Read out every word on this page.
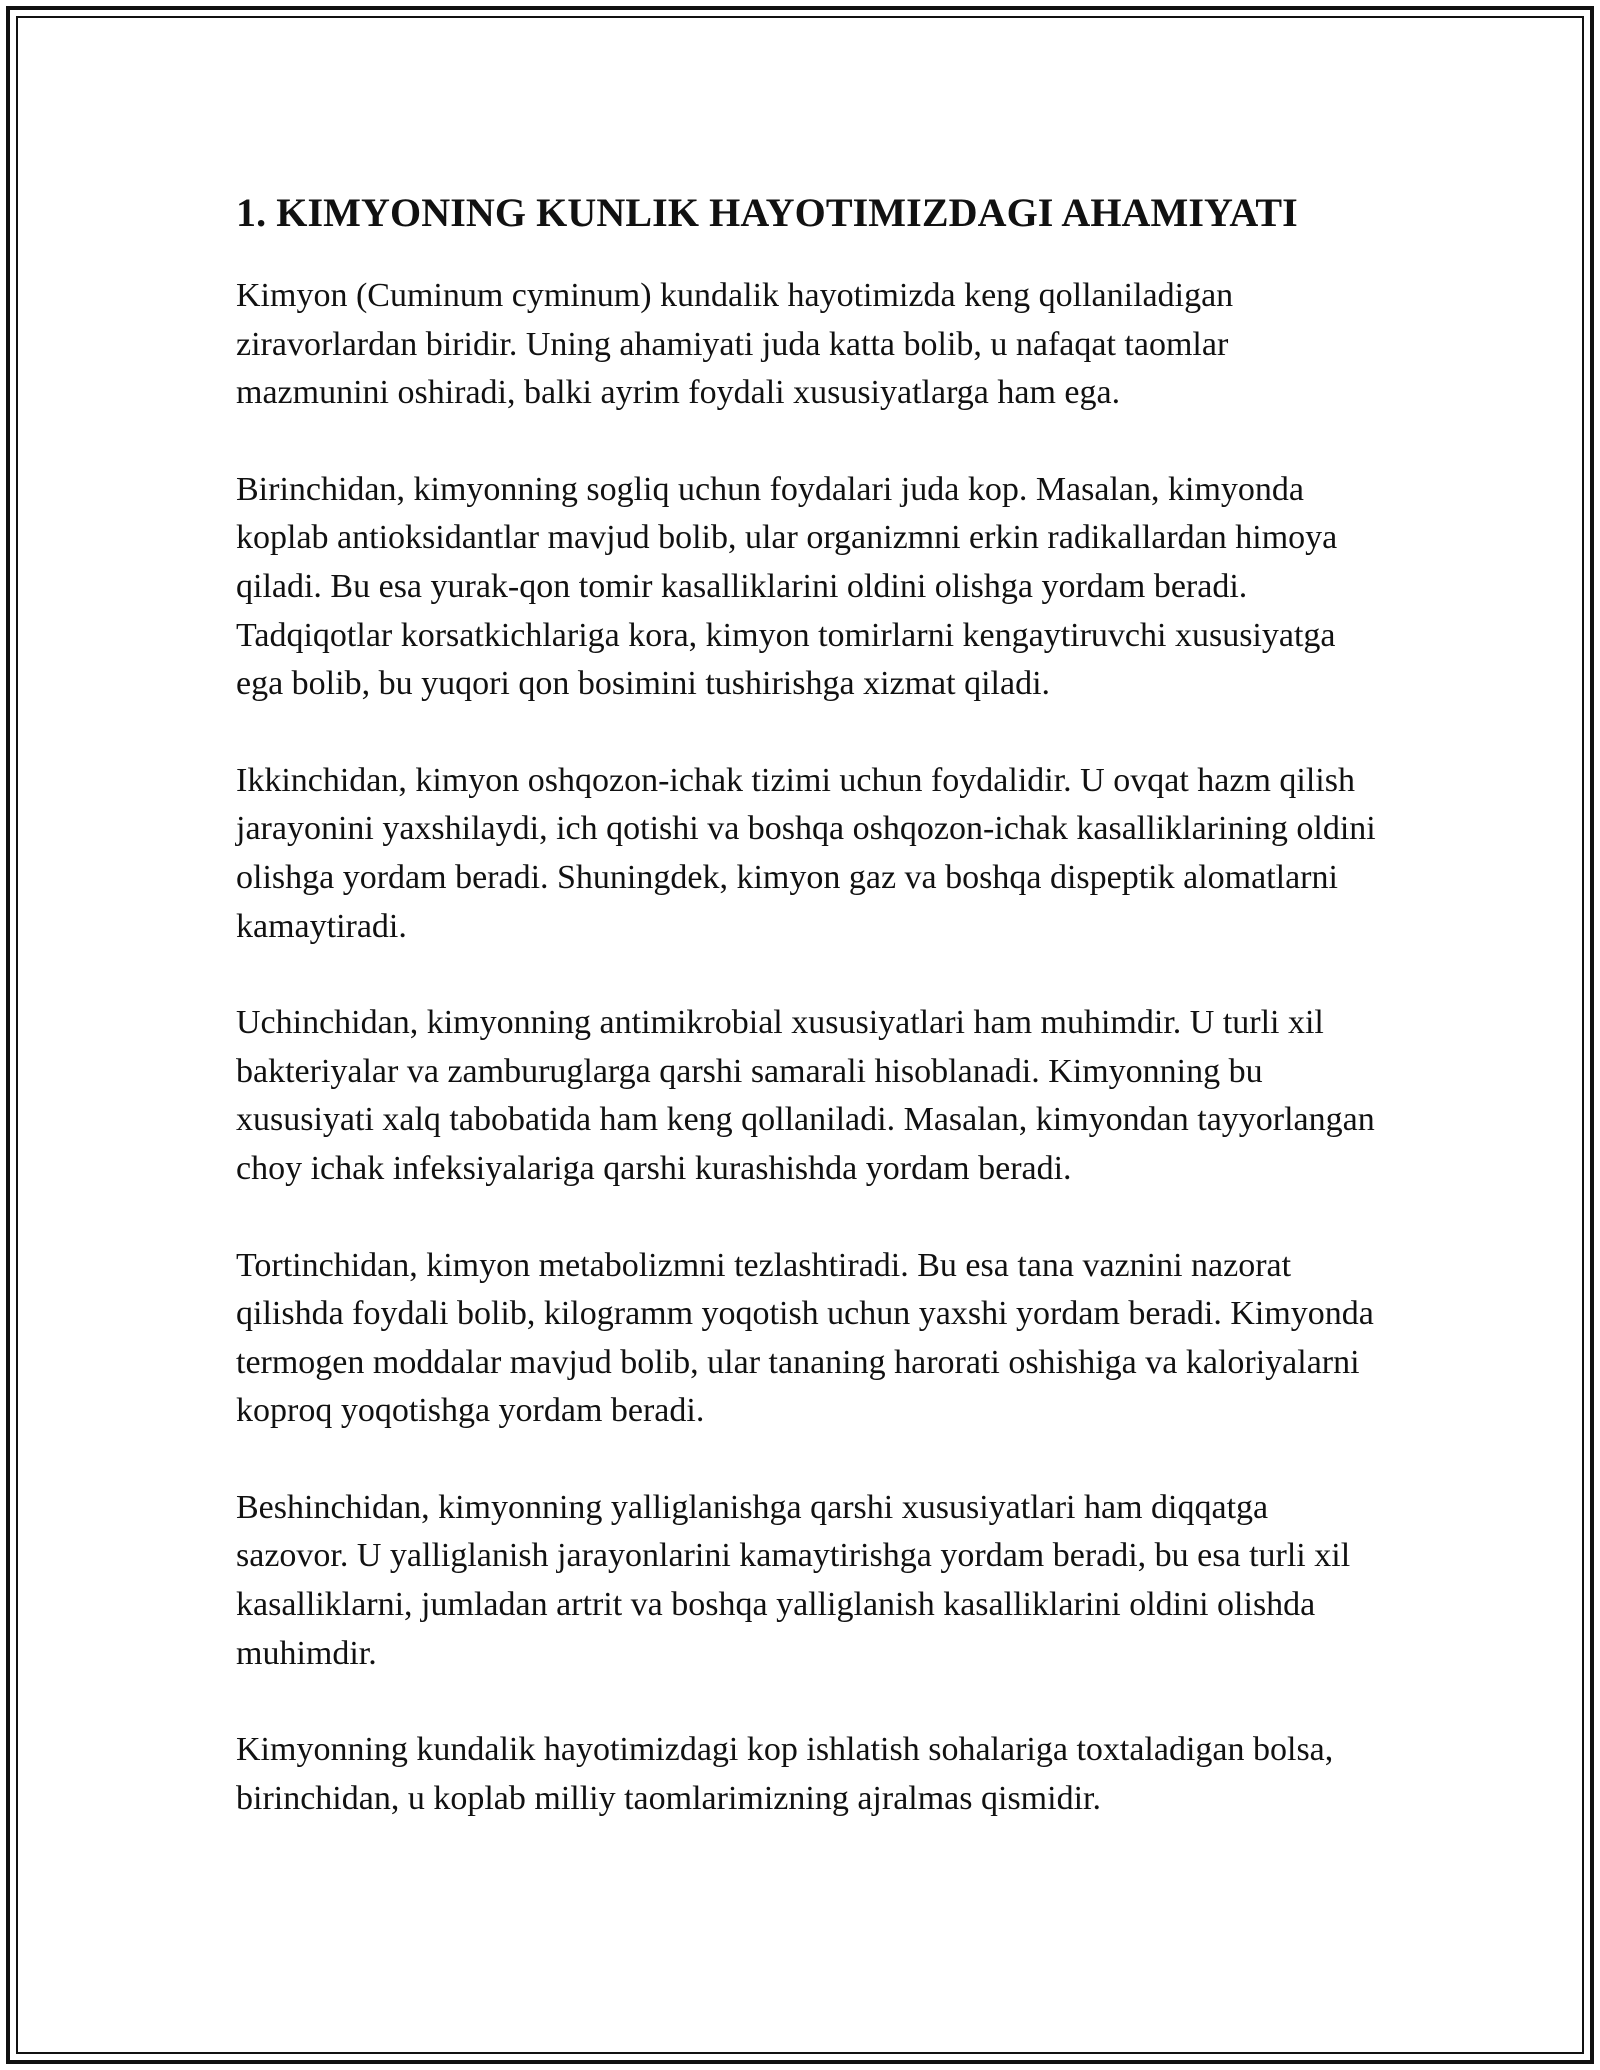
1. KIMYONING KUNLIK HAYOTIMIZDAGI AHAMIYATI

Kimyon (Cuminum cyminum) kundalik hayotimizda keng qollaniladigan ziravorlardan biridir. Uning ahamiyati juda katta bolib, u nafaqat taomlar mazmunini oshiradi, balki ayrim foydali xususiyatlarga ham ega.

Birinchidan, kimyonning sogliq uchun foydalari juda kop. Masalan, kimyonda koplab antioksidantlar mavjud bolib, ular organizmni erkin radikallardan himoya qiladi. Bu esa yurak-qon tomir kasalliklarini oldini olishga yordam beradi. Tadqiqotlar korsatkichlariga kora, kimyon tomirlarni kengaytiruvchi xususiyatga ega bolib, bu yuqori qon bosimini tushirishga xizmat qiladi.

Ikkinchidan, kimyon oshqozon-ichak tizimi uchun foydalidir. U ovqat hazm qilish jarayonini yaxshilaydi, ich qotishi va boshqa oshqozon-ichak kasalliklarining oldini olishga yordam beradi. Shuningdek, kimyon gaz va boshqa dispeptik alomatlarni kamaytiradi.

Uchinchidan, kimyonning antimikrobial xususiyatlari ham muhimdir. U turli xil bakteriyalar va zamburuglarga qarshi samarali hisoblanadi. Kimyonning bu xususiyati xalq tabobatida ham keng qollaniladi. Masalan, kimyondan tayyorlangan choy ichak infeksiyalariga qarshi kurashishda yordam beradi.

Tortinchidan, kimyon metabolizmni tezlashtiradi. Bu esa tana vaznini nazorat qilishda foydali bolib, kilogramm yoqotish uchun yaxshi yordam beradi. Kimyonda termogen moddalar mavjud bolib, ular tananing harorati oshishiga va kaloriyalarni koproq yoqotishga yordam beradi.

Beshinchidan, kimyonning yalliglanishga qarshi xususiyatlari ham diqqatga sazovor. U yalliglanish jarayonlarini kamaytirishga yordam beradi, bu esa turli xil kasalliklarni, jumladan artrit va boshqa yalliglanish kasalliklarini oldini olishda muhimdir.

Kimyonning kundalik hayotimizdagi kop ishlatish sohalariga toxtaladigan bolsa, birinchidan, u koplab milliy taomlarimizning ajralmas qismidir.
